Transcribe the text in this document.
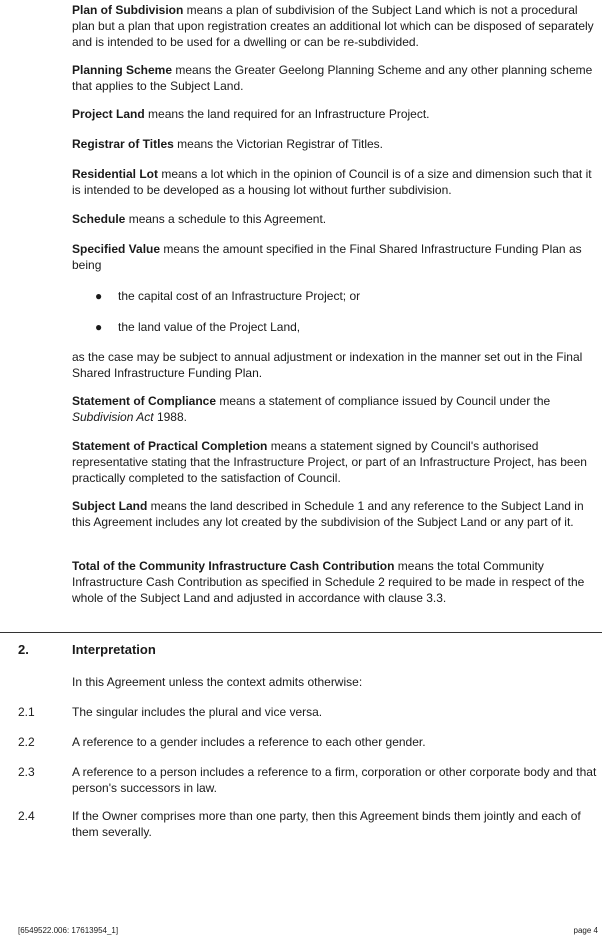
Plan of Subdivision means a plan of subdivision of the Subject Land which is not a procedural plan but a plan that upon registration creates an additional lot which can be disposed of separately and is intended to be used for a dwelling or can be re-subdivided.

Planning Scheme means the Greater Geelong Planning Scheme and any other planning scheme that applies to the Subject Land.

Project Land means the land required for an Infrastructure Project.

Registrar of Titles means the Victorian Registrar of Titles.

Residential Lot means a lot which in the opinion of Council is of a size and dimension such that it is intended to be developed as a housing lot without further subdivision.

Schedule means a schedule to this Agreement.

Specified Value means the amount specified in the Final Shared Infrastructure Funding Plan as being

● the capital cost of an Infrastructure Project; or
● the land value of the Project Land,

as the case may be subject to annual adjustment or indexation in the manner set out in the Final Shared Infrastructure Funding Plan.

Statement of Compliance means a statement of compliance issued by Council under the Subdivision Act 1988.

Statement of Practical Completion means a statement signed by Council's authorised representative stating that the Infrastructure Project, or part of an Infrastructure Project, has been practically completed to the satisfaction of Council.

Subject Land means the land described in Schedule 1 and any reference to the Subject Land in this Agreement includes any lot created by the subdivision of the Subject Land or any part of it.

Total of the Community Infrastructure Cash Contribution means the total Community Infrastructure Cash Contribution as specified in Schedule 2 required to be made in respect of the whole of the Subject Land and adjusted in accordance with clause 3.3.

2.	Interpretation

In this Agreement unless the context admits otherwise:

2.1	The singular includes the plural and vice versa.

2.2	A reference to a gender includes a reference to each other gender.

2.3	A reference to a person includes a reference to a firm, corporation or other corporate body and that person's successors in law.

2.4	If the Owner comprises more than one party, then this Agreement binds them jointly and each of them severally.

[6549522.006: 17613954_1]	page 4
